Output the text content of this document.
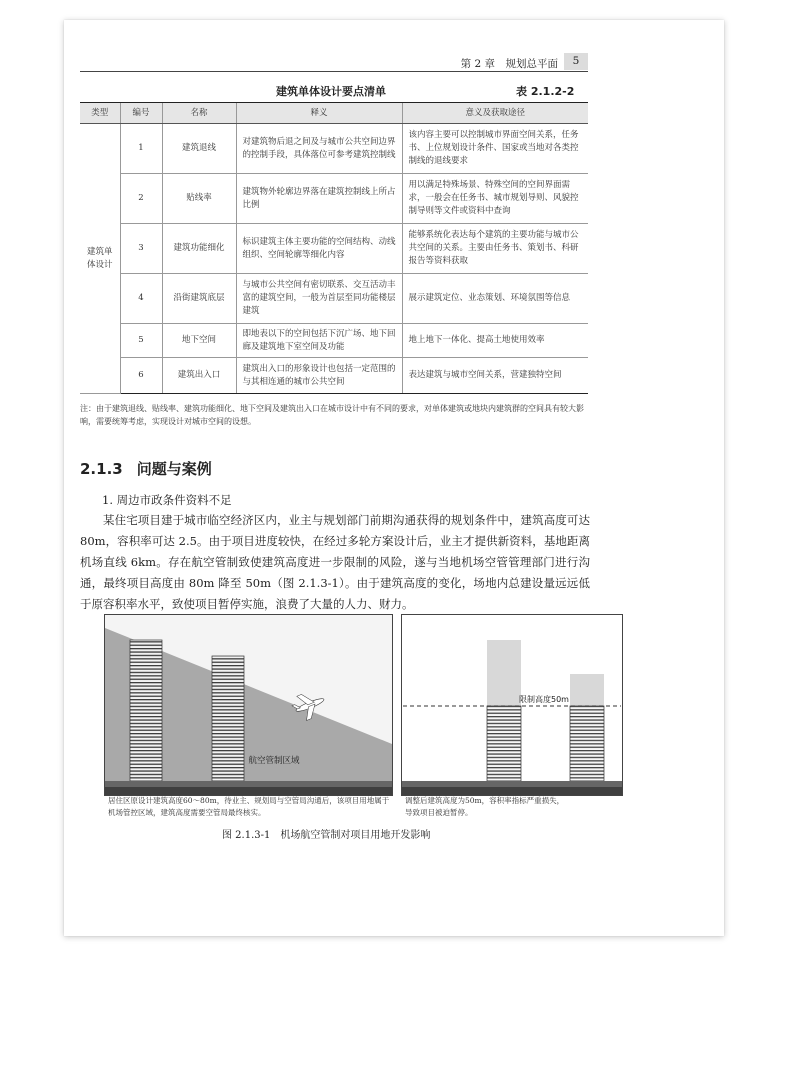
第 2 章　规划总平面	5
建筑单体设计要点清单	表 2.1.2-2
类型	编号	名称	释义	意义及获取途径
建筑单体设计	1	建筑退线	对建筑物后退之间及与城市公共空间边界的控制手段，具体落位可参考建筑控制线	该内容主要可以控制城市界面空间关系，任务书、上位规划设计条件、国家或当地对各类控制线的退线要求
	2	贴线率	建筑物外轮廓边界落在建筑控制线上所占比例	用以满足特殊场景、特殊空间的空间界面需求，一般会在任务书、城市规划导则、风貌控制导则等文件或资料中查询
	3	建筑功能细化	标识建筑主体主要功能的空间结构、动线组织、空间轮廓等细化内容	能够系统化表达每个建筑的主要功能与城市公共空间的关系。主要由任务书、策划书、科研报告等资料获取
	4	沿街建筑底层	与城市公共空间有密切联系、交互活动丰富的建筑空间，一般为首层至同功能楼层建筑	展示建筑定位、业态策划、环境氛围等信息
	5	地下空间	即地表以下的空间包括下沉广场、地下回廊及建筑地下室空间及功能	地上地下一体化、提高土地使用效率
	6	建筑出入口	建筑出入口的形象设计也包括一定范围的与其相连通的城市公共空间	表达建筑与城市空间关系，营建独特空间
注：由于建筑退线、贴线率、建筑功能细化、地下空间及建筑出入口在城市设计中有不同的要求，对单体建筑或地块内建筑群的空间具有较大影响，需要统筹考虑，实现设计对城市空间的设想。
2.1.3 问题与案例
1. 周边市政条件资料不足
某住宅项目建于城市临空经济区内，业主与规划部门前期沟通获得的规划条件中，建筑高度可达 80m，容积率可达 2.5。由于项目进度较快，在经过多轮方案设计后，业主才提供新资料，基地距离机场直线 6km。存在航空管制致使建筑高度进一步限制的风险，遂与当地机场空管管理部门进行沟通，最终项目高度由 80m 降至 50m（图 2.1.3-1）。由于建筑高度的变化，场地内总建设量远远低于原容积率水平，致使项目暂停实施，浪费了大量的人力、财力。
航空管制区域
限制高度50m
居住区原设计建筑高度60～80m，待业主、规划局与空管局沟通后，该项目用地属于机场管控区域，建筑高度需要空管局最终核实。
调整后建筑高度为50m，容积率指标严重损失，导致项目被迫暂停。
图 2.1.3-1　机场航空管制对项目用地开发影响
